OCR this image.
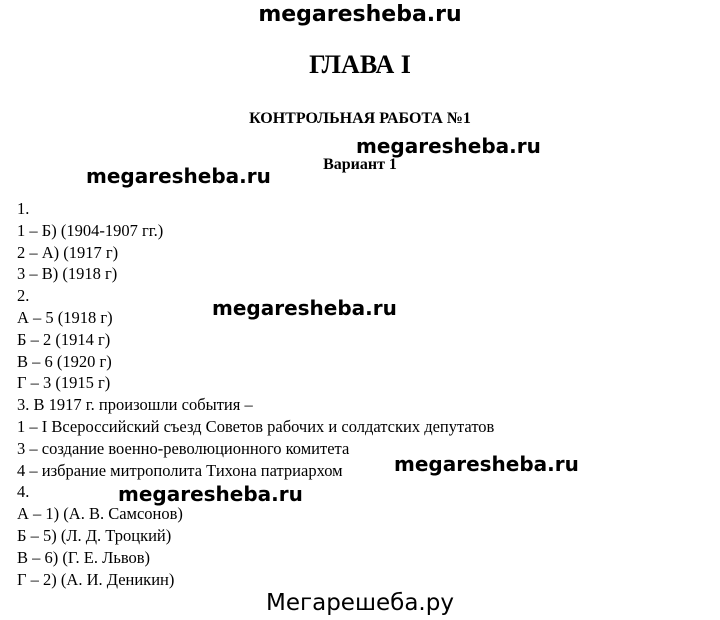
megaresheba.ru
ГЛАВА I
КОНТРОЛЬНАЯ РАБОТА №1
Вариант 1
1.
1 – Б) (1904-1907 гг.)
2 – А) (1917 г)
3 – В) (1918 г)
2.
А – 5 (1918 г)
Б – 2 (1914 г)
В – 6 (1920 г)
Г – 3 (1915 г)
3. В 1917 г. произошли события –
1 – I Всероссийский съезд Советов рабочих и солдатских депутатов
3 – создание военно-революционного комитета
4 – избрание митрополита Тихона патриархом
4.
А – 1) (А. В. Самсонов)
Б – 5) (Л. Д. Троцкий)
В – 6) (Г. Е. Львов)
Г – 2) (А. И. Деникин)
megaresheba.ru
megaresheba.ru
megaresheba.ru
megaresheba.ru
megaresheba.ru
Мегарешеба.ру
